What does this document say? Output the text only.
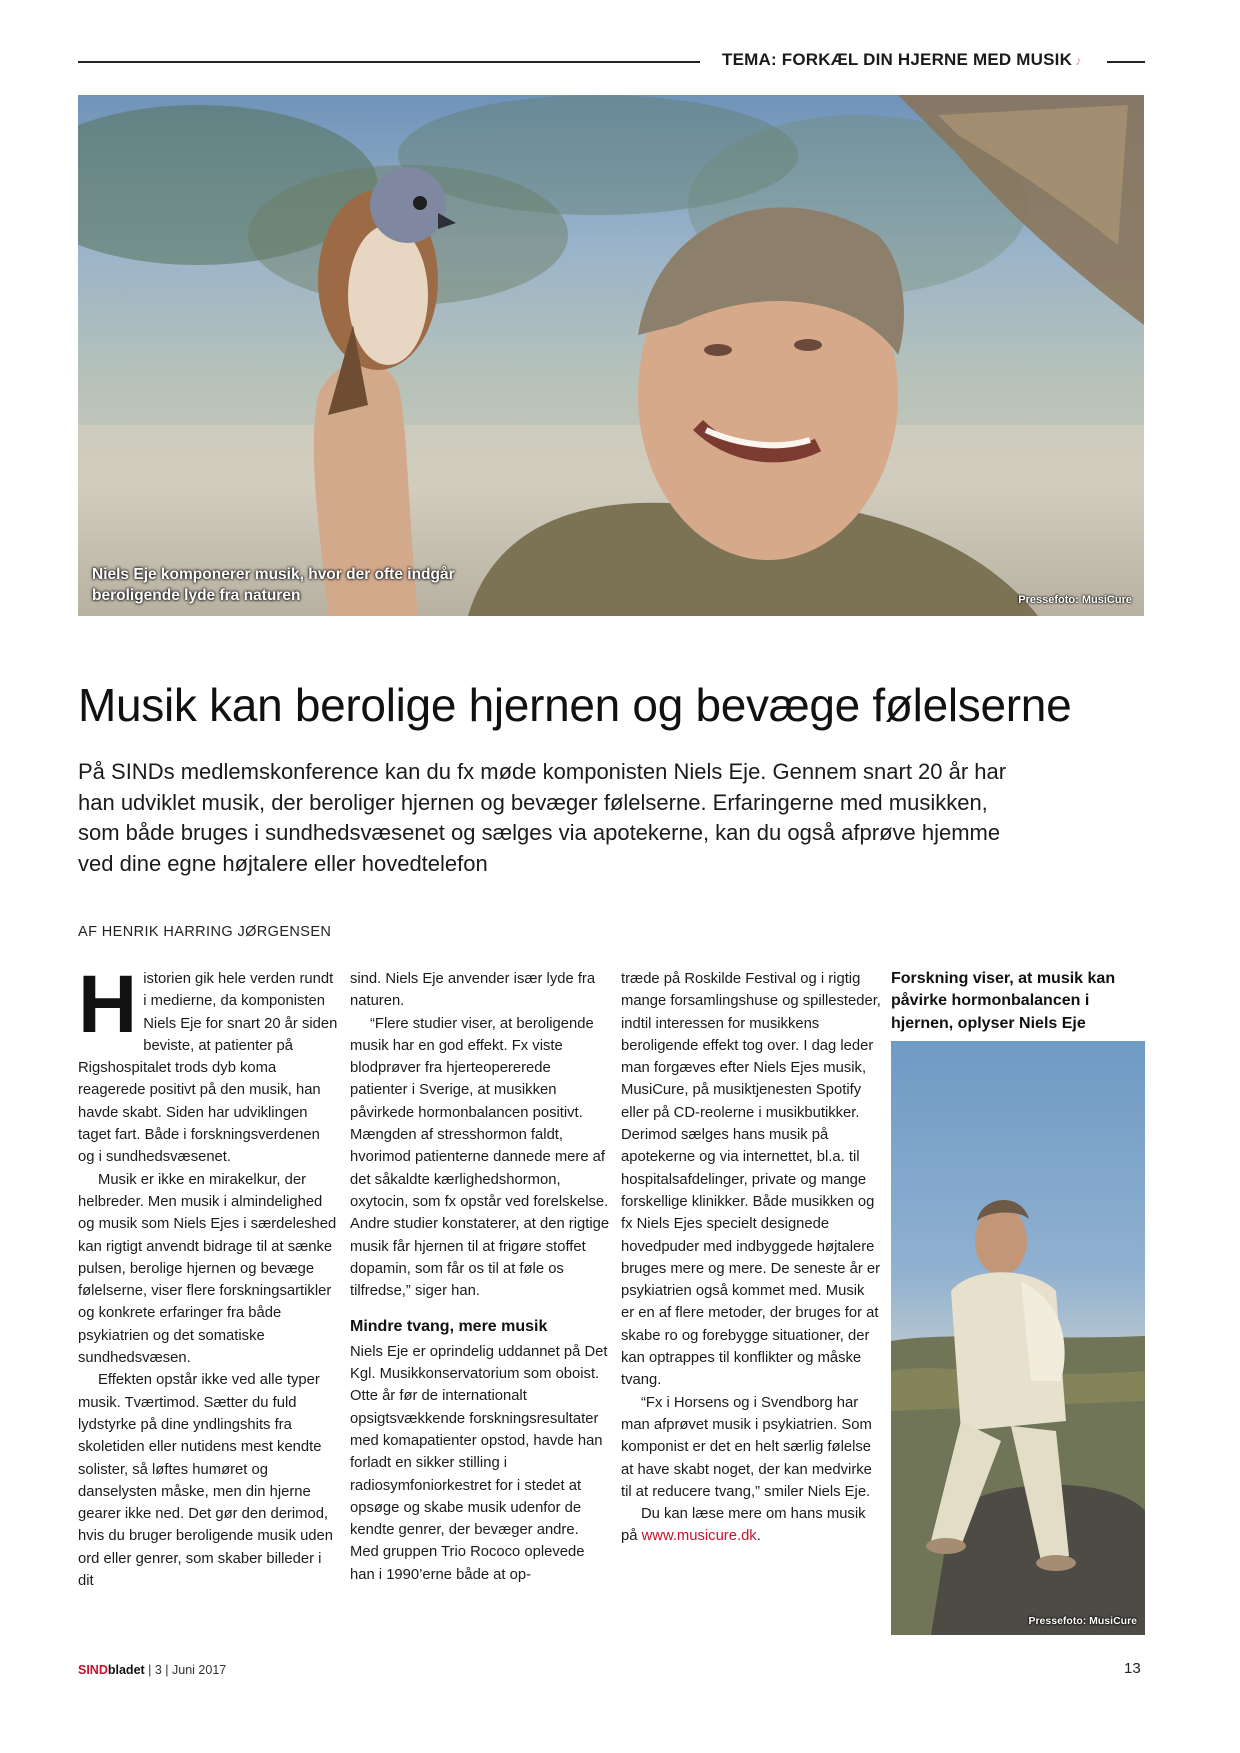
TEMA: FORKÆL DIN HJERNE MED MUSIK ♪
Niels Eje komponerer musik, hvor der ofte indgår beroligende lyde fra naturen	Pressefoto: MusiCure
Musik kan berolige hjernen og bevæge følelserne
På SINDs medlemskonference kan du fx møde komponisten Niels Eje. Gennem snart 20 år har han udviklet musik, der beroliger hjernen og bevæger følelserne. Erfaringerne med musikken, som både bruges i sundhedsvæsenet og sælges via apotekerne, kan du også afprøve hjemme ved dine egne højtalere eller hovedtelefon
AF HENRIK HARRING JØRGENSEN

Historien gik hele verden rundt i medierne, da komponisten Niels Eje for snart 20 år siden beviste, at patienter på Rigshospitalet trods dyb koma reagerede positivt på den musik, han havde skabt. Siden har udviklingen taget fart. Både i forskningsverdenen og i sundhedsvæsenet.

Musik er ikke en mirakelkur, der helbreder. Men musik i almindelighed og musik som Niels Ejes i særdeleshed kan rigtigt anvendt bidrage til at sænke pulsen, berolige hjernen og bevæge følelserne, viser flere forskningsartikler og konkrete erfaringer fra både psykiatrien og det somatiske sundhedsvæsen.

Effekten opstår ikke ved alle typer musik. Tværtimod. Sætter du fuld lydstyrke på dine yndlingshits fra skoletiden eller nutidens mest kendte solister, så løftes humøret og danselysten måske, men din hjerne gearer ikke ned. Det gør den derimod, hvis du bruger beroligende musik uden ord eller genrer, som skaber billeder i dit

sind. Niels Eje anvender især lyde fra naturen.

“Flere studier viser, at beroligende musik har en god effekt. Fx viste blodprøver fra hjerteopererede patienter i Sverige, at musikken påvirkede hormonbalancen positivt. Mængden af stresshormon faldt, hvorimod patienterne dannede mere af det såkaldte kærlighedshormon, oxytocin, som fx opstår ved forelskelse. Andre studier konstaterer, at den rigtige musik får hjernen til at frigøre stoffet dopamin, som får os til at føle os tilfredse,” siger han.

Mindre tvang, mere musik

Niels Eje er oprindelig uddannet på Det Kgl. Musikkonservatorium som oboist. Otte år før de internationalt opsigtsvækkende forskningsresultater med komapatienter opstod, havde han forladt en sikker stilling i radiosymfoniorkestret for i stedet at opsøge og skabe musik udenfor de kendte genrer, der bevæger andre. Med gruppen Trio Rococo oplevede han i 1990’erne både at op-

træde på Roskilde Festival og i rigtig mange forsamlingshuse og spillesteder, indtil interessen for musikkens beroligende effekt tog over. I dag leder man forgæves efter Niels Ejes musik, MusiCure, på musiktjenesten Spotify eller på CD-reolerne i musikbutikker. Derimod sælges hans musik på apotekerne og via internettet, bl.a. til hospitalsafdelinger, private og mange forskellige klinikker. Både musikken og fx Niels Ejes specielt designede hovedpuder med indbyggede højtalere bruges mere og mere. De seneste år er psykiatrien også kommet med. Musik er en af flere metoder, der bruges for at skabe ro og forebygge situationer, der kan optrappes til konflikter og måske tvang.

“Fx i Horsens og i Svendborg har man afprøvet musik i psykiatrien. Som komponist er det en helt særlig følelse at have skabt noget, der kan medvirke til at reducere tvang,” smiler Niels Eje.

Du kan læse mere om hans musik på www.musicure.dk.

Forskning viser, at musik kan påvirke hormonbalancen i hjernen, oplyser Niels Eje
Pressefoto: MusiCure
SINDbladet | 3 | Juni 2017	13
